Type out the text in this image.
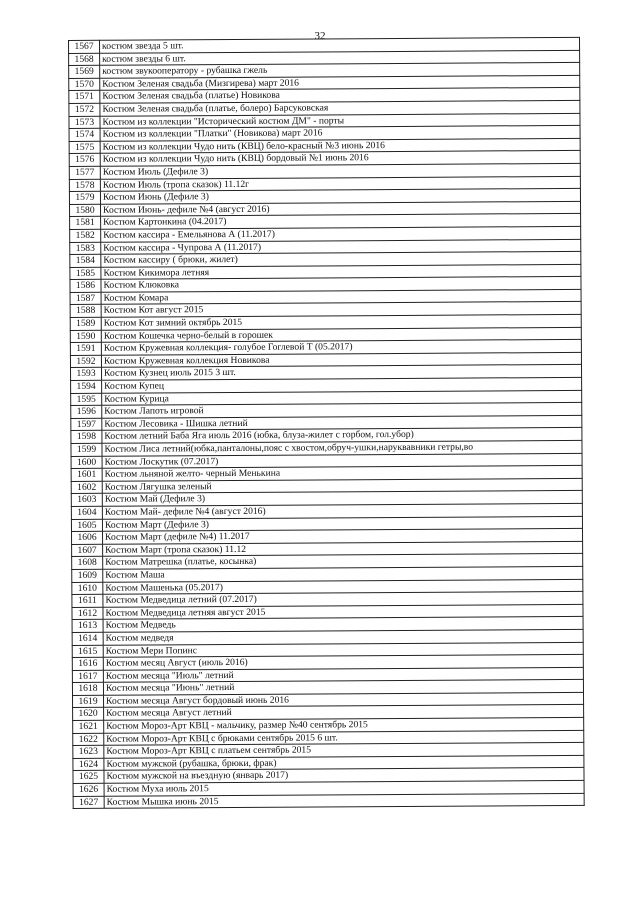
32
1567	костюм звезда 5 шт.
1568	костюм звезды 6 шт.
1569	костюм звукооператору - рубашка гжель
1570	Костюм Зеленая свадьба (Мизгирева) март 2016
1571	Костюм Зеленая свадьба (платье) Новикова
1572	Костюм Зеленая свадьба (платье, болеро) Барсуковская
1573	Костюм из коллекции "Исторический костюм ДМ" - порты
1574	Костюм из коллекции "Платки" (Новикова) март 2016
1575	Костюм из коллекции Чудо нить (КВЦ) бело-красный №3 июнь 2016
1576	Костюм из коллекции Чудо нить (КВЦ) бордовый №1 июнь 2016
1577	Костюм Июль (Дефиле 3)
1578	Костюм Июль (тропа сказок) 11.12г
1579	Костюм Июнь (Дефиле 3)
1580	Костюм Июнь- дефиле №4 (август 2016)
1581	Костюм Картонкина (04.2017)
1582	Костюм кассира - Емельянова А (11.2017)
1583	Костюм кассира - Чупрова А (11.2017)
1584	Костюм кассиру ( брюки, жилет)
1585	Костюм Кикимора летняя
1586	Костюм Клюковка
1587	Костюм Комара
1588	Костюм Кот август 2015
1589	Костюм Кот зимний октябрь 2015
1590	Костюм Кошечка черно-белый в горошек
1591	Костюм Кружевная коллекция- голубое Гоглевой Т (05.2017)
1592	Костюм Кружевная коллекция Новикова
1593	Костюм Кузнец июль 2015 3 шт.
1594	Костюм Купец
1595	Костюм Курица
1596	Костюм Лапоть игровой
1597	Костюм Лесовика - Шишка летний
1598	Костюм летний Баба Яга июль 2016 (юбка, блуза-жилет с горбом, гол.убор)
1599	Костюм Лиса летний(юбка,панталоны,пояс с хвостом,обруч-ушки,наруквавники гетры,во
1600	Костюм Лоскутик (07.2017)
1601	Костюм льняной желто- черный Менькина
1602	Костюм Лягушка зеленый
1603	Костюм Май (Дефиле 3)
1604	Костюм Май- дефиле №4 (август 2016)
1605	Костюм Март (Дефиле 3)
1606	Костюм Март (дефиле №4) 11.2017
1607	Костюм Март (тропа сказок) 11.12
1608	Костюм Матрешка (платье, косынка)
1609	Костюм Маша
1610	Костюм Машенька (05.2017)
1611	Костюм Медведица летний (07.2017)
1612	Костюм Медведица летняя август 2015
1613	Костюм Медведь
1614	Костюм медведя
1615	Костюм Мери Попинс
1616	Костюм месяц Август (июль 2016)
1617	Костюм месяца "Июль" летний
1618	Костюм месяца "Июнь" летний
1619	Костюм месяца Август бордовый июнь 2016
1620	Костюм месяца Август летний
1621	Костюм Мороз-Арт КВЦ - мальчику, размер №40 сентябрь 2015
1622	Костюм Мороз-Арт КВЦ с брюками сентябрь 2015 6 шт.
1623	Костюм Мороз-Арт КВЦ с платьем сентябрь 2015
1624	Костюм мужской (рубашка, брюки, фрак)
1625	Костюм мужской на въездную (январь 2017)
1626	Костюм Муха июль 2015
1627	Костюм Мышка июнь 2015
